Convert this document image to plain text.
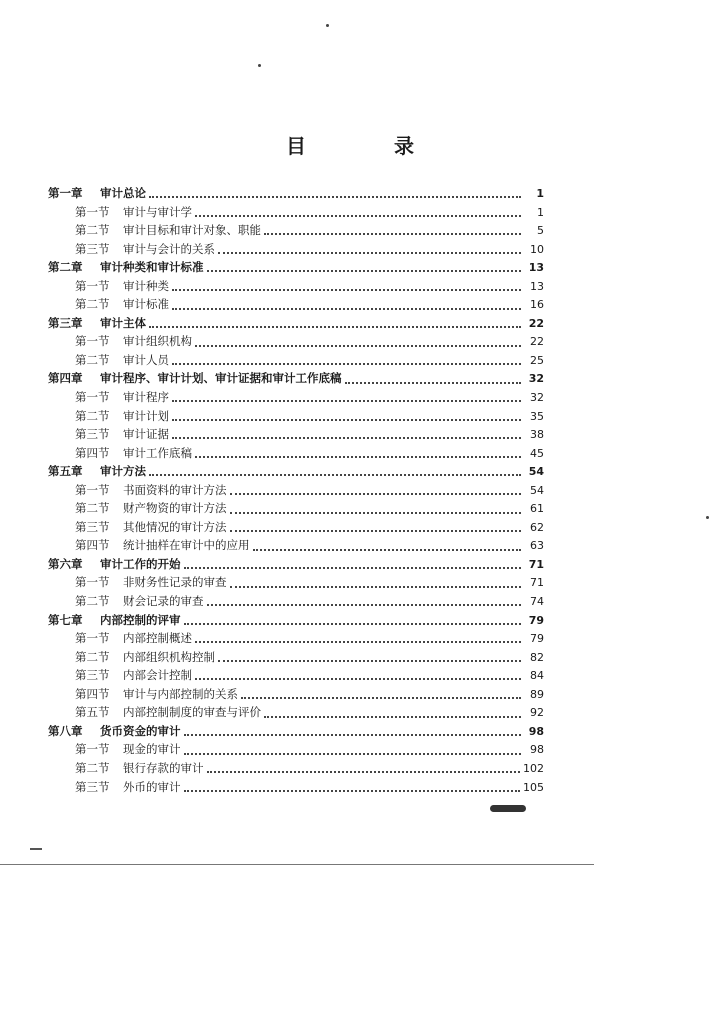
目　录
第一章	审计总论	1
第一节	审计与审计学	1
第二节	审计目标和审计对象、职能	5
第三节	审计与会计的关系	10
第二章	审计种类和审计标准	13
第一节	审计种类	13
第二节	审计标准	16
第三章	审计主体	22
第一节	审计组织机构	22
第二节	审计人员	25
第四章	审计程序、审计计划、审计证据和审计工作底稿	32
第一节	审计程序	32
第二节	审计计划	35
第三节	审计证据	38
第四节	审计工作底稿	45
第五章	审计方法	54
第一节	书面资料的审计方法	54
第二节	财产物资的审计方法	61
第三节	其他情况的审计方法	62
第四节	统计抽样在审计中的应用	63
第六章	审计工作的开始	71
第一节	非财务性记录的审查	71
第二节	财会记录的审查	74
第七章	内部控制的评审	79
第一节	内部控制概述	79
第二节	内部组织机构控制	82
第三节	内部会计控制	84
第四节	审计与内部控制的关系	89
第五节	内部控制制度的审查与评价	92
第八章	货币资金的审计	98
第一节	现金的审计	98
第二节	银行存款的审计	102
第三节	外币的审计	105
